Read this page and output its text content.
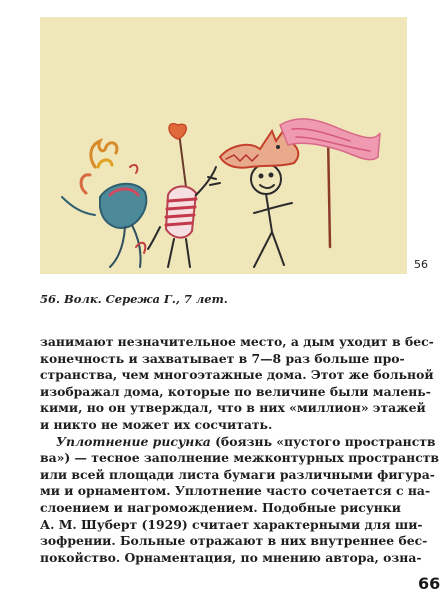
56
56. Волк. Сережа Г., 7 лет.
занимают незначительное место, а дым уходит в бес-
конечность и захватывает в 7—8 раз больше про-
странства, чем многоэтажные дома. Этот же больной
изображал дома, которые по величине были малень-
кими, но он утверждал, что в них «миллион» этажей
и никто не может их сосчитать.
Уплотнение рисунка (боязнь «пустого пространств
ва») — тесное заполнение межконтурных пространств
или всей площади листа бумаги различными фигура-
ми и орнаментом. Уплотнение часто сочетается с на-
слоением и нагромождением. Подобные рисунки
А. М. Шуберт (1929) считает характерными для ши-
зофрении. Больные отражают в них внутреннее бес-
покойство. Орнаментация, по мнению автора, озна-
66
